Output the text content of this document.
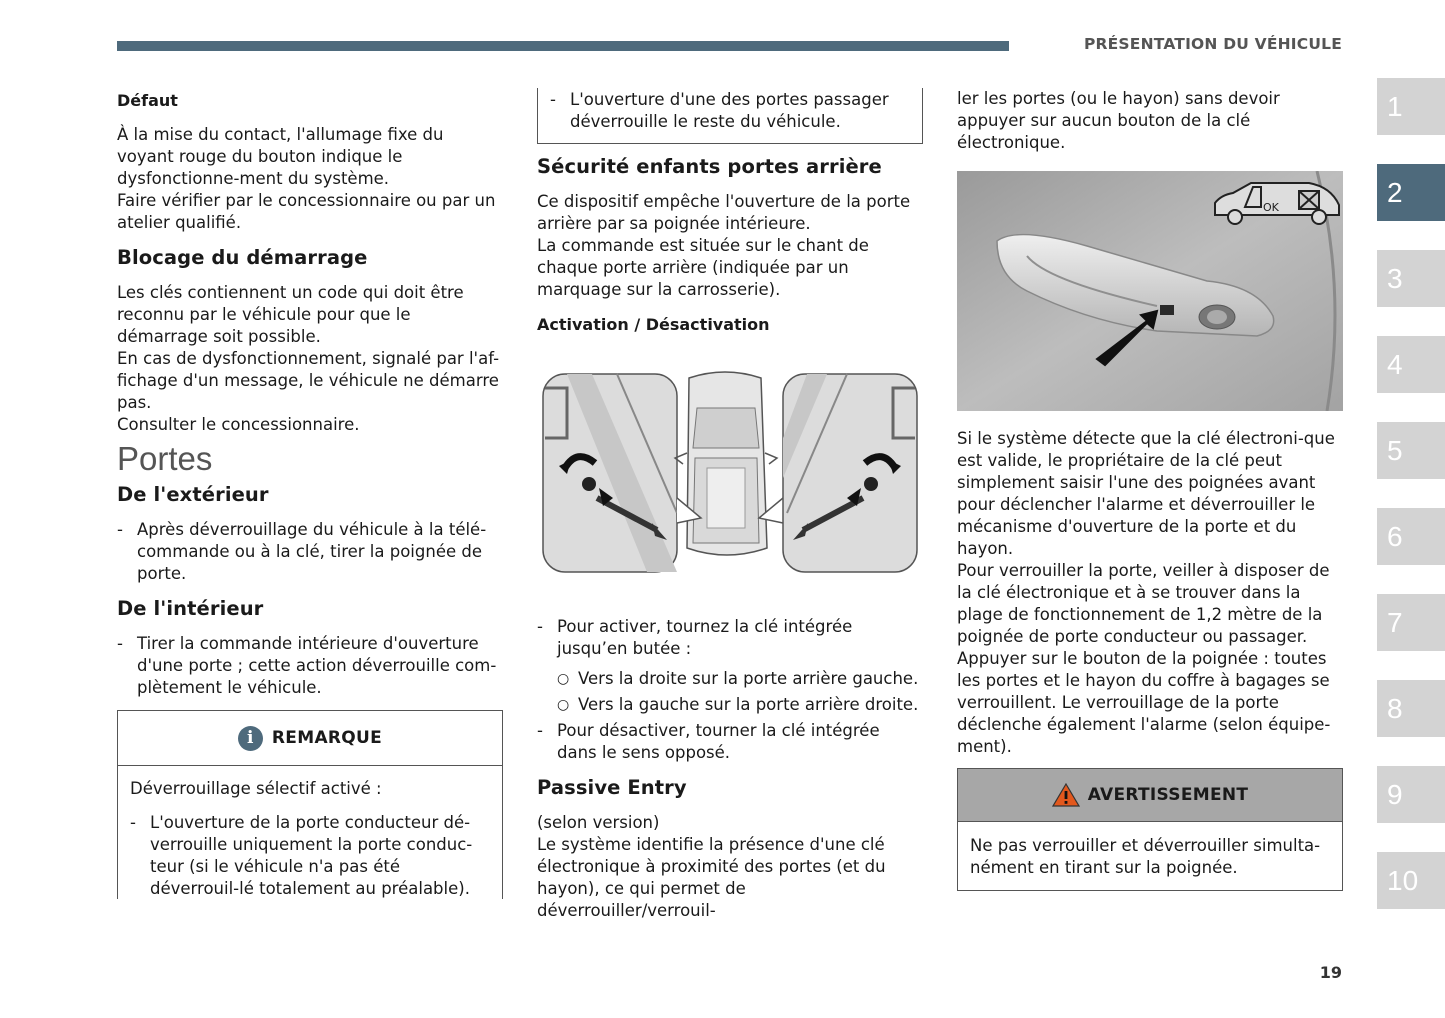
PRÉSENTATION DU VÉHICULE

Défaut

À la mise du contact, l'allumage fixe du voyant rouge du bouton indique le dysfonctionne-ment du système.

Faire vérifier par le concessionnaire ou par un atelier qualifié.

Blocage du démarrage

Les clés contiennent un code qui doit être reconnu par le véhicule pour que le démarrage soit possible.

En cas de dysfonctionnement, signalé par l'af-fichage d'un message, le véhicule ne démarre pas.

Consulter le concessionnaire.

Portes

De l'extérieur

- Après déverrouillage du véhicule à la télé-commande ou à la clé, tirer la poignée de porte.

De l'intérieur

- Tirer la commande intérieure d'ouverture d'une porte ; cette action déverrouille com-plètement le véhicule.
i	REMARQUE

Déverrouillage sélectif activé :

- L'ouverture de la porte conducteur dé-verrouille uniquement la porte conduc-teur (si le véhicule n'a pas été déverrouil-lé totalement au préalable).
- L'ouverture d'une des portes passager déverrouille le reste du véhicule.

Sécurité enfants portes arrière

Ce dispositif empêche l'ouverture de la porte arrière par sa poignée intérieure.

La commande est située sur le chant de chaque porte arrière (indiquée par un marquage sur la carrosserie).

Activation / Désactivation

- Pour activer, tournez la clé intégrée jusqu’en butée :
○ Vers la droite sur la porte arrière gauche.
○ Vers la gauche sur la porte arrière droite.
- Pour désactiver, tourner la clé intégrée dans le sens opposé.

Passive Entry

(selon version)

Le système identifie la présence d'une clé électronique à proximité des portes (et du hayon), ce qui permet de déverrouiller/verrouil-

ler les portes (ou le hayon) sans devoir appuyer sur aucun bouton de la clé électronique.

OK

Si le système détecte que la clé électroni-que est valide, le propriétaire de la clé peut simplement saisir l'une des poignées avant pour déclencher l'alarme et déverrouiller le mécanisme d'ouverture de la porte et du hayon.

Pour verrouiller la porte, veiller à disposer de la clé électronique et à se trouver dans la plage de fonctionnement de 1,2 mètre de la poignée de porte conducteur ou passager.

Appuyer sur le bouton de la poignée : toutes les portes et le hayon du coffre à bagages se verrouillent. Le verrouillage de la porte déclenche également l'alarme (selon équipe-ment).

AVERTISSEMENT

Ne pas verrouiller et déverrouiller simulta-nément en tirant sur la poignée.

1
2
3
4
5
6
7
8
9
10
19
